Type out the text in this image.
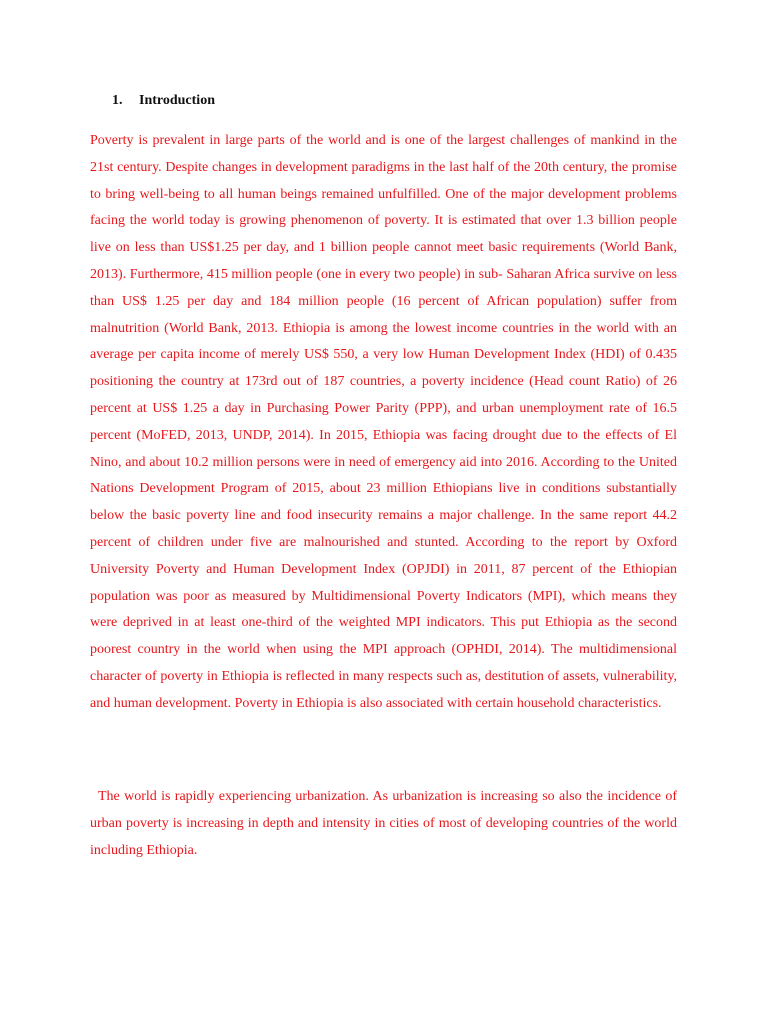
1. Introduction

Poverty is prevalent in large parts of the world and is one of the largest challenges of mankind in the 21st century. Despite changes in development paradigms in the last half of the 20th century, the promise to bring well-being to all human beings remained unfulfilled. One of the major development problems facing the world today is growing phenomenon of poverty. It is estimated that over 1.3 billion people live on less than US$1.25 per day, and 1 billion people cannot meet basic requirements (World Bank, 2013). Furthermore, 415 million people (one in every two people) in sub- Saharan Africa survive on less than US$ 1.25 per day and 184 million people (16 percent of African population) suffer from malnutrition (World Bank, 2013. Ethiopia is among the lowest income countries in the world with an average per capita income of merely US$ 550, a very low Human Development Index (HDI) of 0.435 positioning the country at 173rd out of 187 countries, a poverty incidence (Head count Ratio) of 26 percent at US$ 1.25 a day in Purchasing Power Parity (PPP), and urban unemployment rate of 16.5 percent (MoFED, 2013, UNDP, 2014). In 2015, Ethiopia was facing drought due to the effects of El Nino, and about 10.2 million persons were in need of emergency aid into 2016. According to the United Nations Development Program of 2015, about 23 million Ethiopians live in conditions substantially below the basic poverty line and food insecurity remains a major challenge. In the same report 44.2 percent of children under five are malnourished and stunted. According to the report by Oxford University Poverty and Human Development Index (OPJDI) in 2011, 87 percent of the Ethiopian population was poor as measured by Multidimensional Poverty Indicators (MPI), which means they were deprived in at least one-third of the weighted MPI indicators. This put Ethiopia as the second poorest country in the world when using the MPI approach (OPHDI, 2014). The multidimensional character of poverty in Ethiopia is reflected in many respects such as, destitution of assets, vulnerability, and human development. Poverty in Ethiopia is also associated with certain household characteristics.

The world is rapidly experiencing urbanization. As urbanization is increasing so also the incidence of urban poverty is increasing in depth and intensity in cities of most of developing countries of the world including Ethiopia.
